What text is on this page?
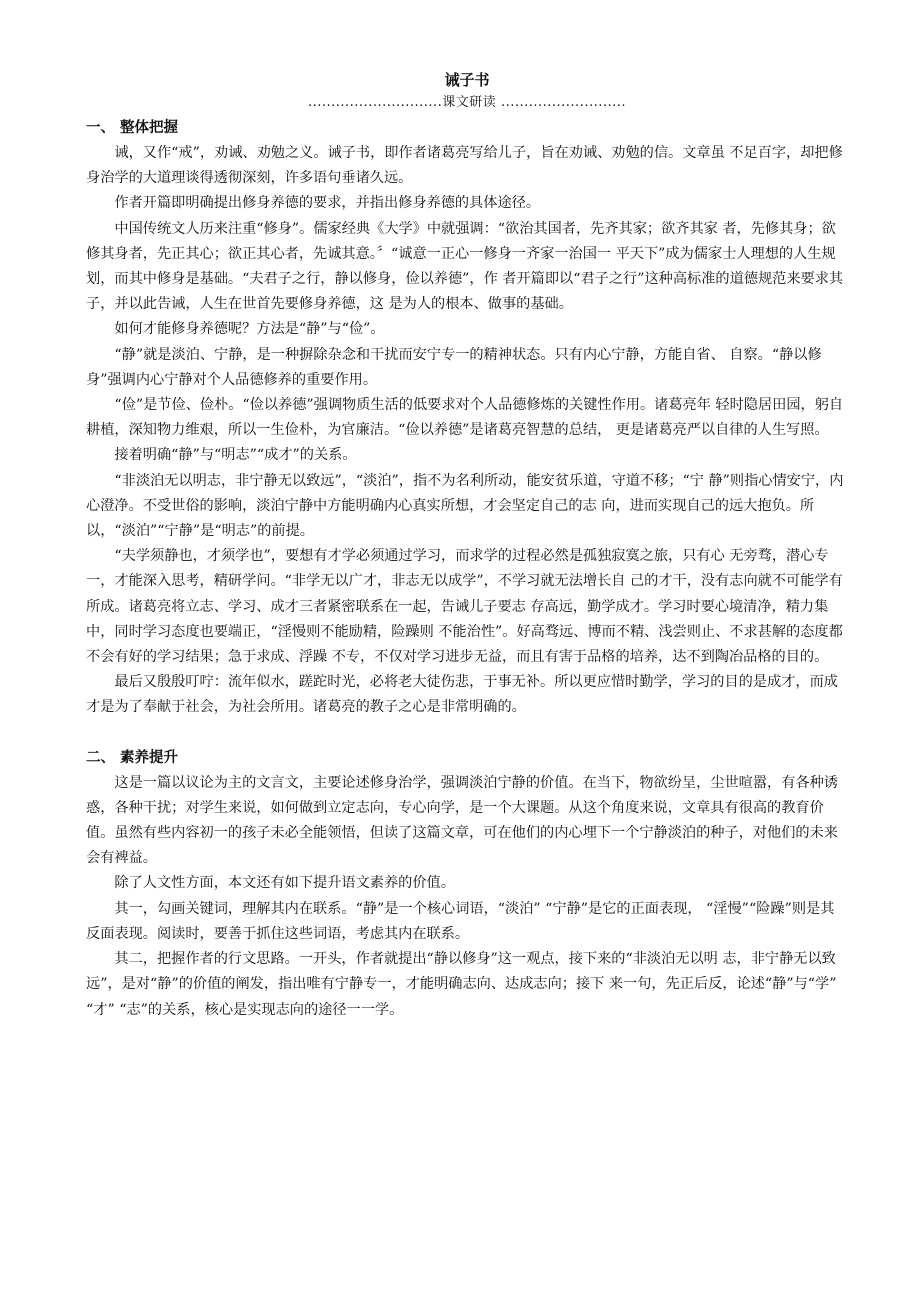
诫子书
.............................课文研读 ...........................
一、 整体把握

诫，又作“戒”，劝诫、劝勉之义。诫子书，即作者诸葛亮写给儿子，旨在劝诫、劝勉的信。文章虽 不足百字，却把修身治学的大道理谈得透彻深刻，许多语句垂诸久远。

作者开篇即明确提出修身养德的要求，并指出修身养德的具体途径。

中国传统文人历来注重“修身”。儒家经典《大学》中就强调：“欲治其国者，先齐其家；欲齐其家 者，先修其身；欲修其身者，先正其心；欲正其心者，先诚其意。〞“诚意一正心一修身一齐家一治国一 平天下”成为儒家士人理想的人生规划，而其中修身是基础。“夫君子之行，静以修身，俭以养德”，作 者开篇即以“君子之行”这种高标准的道德规范来要求其子，并以此告诫，人生在世首先要修身养德，这 是为人的根本、做事的基础。

如何才能修身养德呢？方法是“静”与“俭”。

“静”就是淡泊、宁静，是一种摒除杂念和干扰而安宁专一的精神状态。只有内心宁静，方能自省、 自察。“静以修身”强调内心宁静对个人品德修养的重要作用。

“俭”是节俭、俭朴。“俭以养德”强调物质生活的低要求对个人品德修炼的关键性作用。诸葛亮年 轻时隐居田园，躬自耕植，深知物力维艰，所以一生俭朴，为官廉洁。“俭以养德”是诸葛亮智慧的总结， 更是诸葛亮严以自律的人生写照。

接着明确“静”与“明志”“成才”的关系。

“非淡泊无以明志，非宁静无以致远”，“淡泊”，指不为名利所动，能安贫乐道，守道不移；“宁 静”则指心情安宁，内心澄净。不受世俗的影响，淡泊宁静中方能明确内心真实所想，才会坚定自己的志 向，进而实现自己的远大抱负。所以，“淡泊”“宁静”是“明志”的前提。

“夫学须静也，才须学也”，要想有才学必须通过学习，而求学的过程必然是孤独寂寞之旅，只有心 无旁骛，潜心专一，才能深入思考，精研学问。“非学无以广才，非志无以成学”，不学习就无法增长自 己的才干，没有志向就不可能学有所成。诸葛亮将立志、学习、成才三者紧密联系在一起，告诫儿子要志 存高远，勤学成才。学习时要心境清净，精力集中，同时学习态度也要端正，“淫慢则不能励精，险躁则 不能治性”。好高骛远、博而不精、浅尝则止、不求甚解的态度都不会有好的学习结果；急于求成、浮躁 不专，不仅对学习进步无益，而且有害于品格的培养，达不到陶冶品格的目的。

最后又殷殷叮咛：流年似水，蹉跎时光，必将老大徒伤悲，于事无补。所以更应惜时勤学，学习的目的是成才，而成才是为了奉献于社会，为社会所用。诸葛亮的教子之心是非常明确的。

二、 素养提升

这是一篇以议论为主的文言文，主要论述修身治学，强调淡泊宁静的价值。在当下，物欲纷呈，尘世喧嚣，有各种诱惑，各种干扰；对学生来说，如何做到立定志向，专心向学，是一个大课题。从这个角度来说，文章具有很高的教育价值。虽然有些内容初一的孩子未必全能领悟，但读了这篇文章，可在他们的内心埋下一个宁静淡泊的种子，对他们的未来会有裨益。

除了人文性方面，本文还有如下提升语文素养的价值。

其一，勾画关键词，理解其内在联系。“静”是一个核心词语，“淡泊” “宁静”是它的正面表现， “淫慢”“险躁”则是其反面表现。阅读时，要善于抓住这些词语，考虑其内在联系。

其二，把握作者的行文思路。一开头，作者就提出“静以修身”这一观点，接下来的“非淡泊无以明 志，非宁静无以致远”，是对“静”的价值的阐发，指出唯有宁静专一，才能明确志向、达成志向；接下 来一句，先正后反，论述“静”与“学” “才” “志”的关系，核心是实现志向的途径一一学。
